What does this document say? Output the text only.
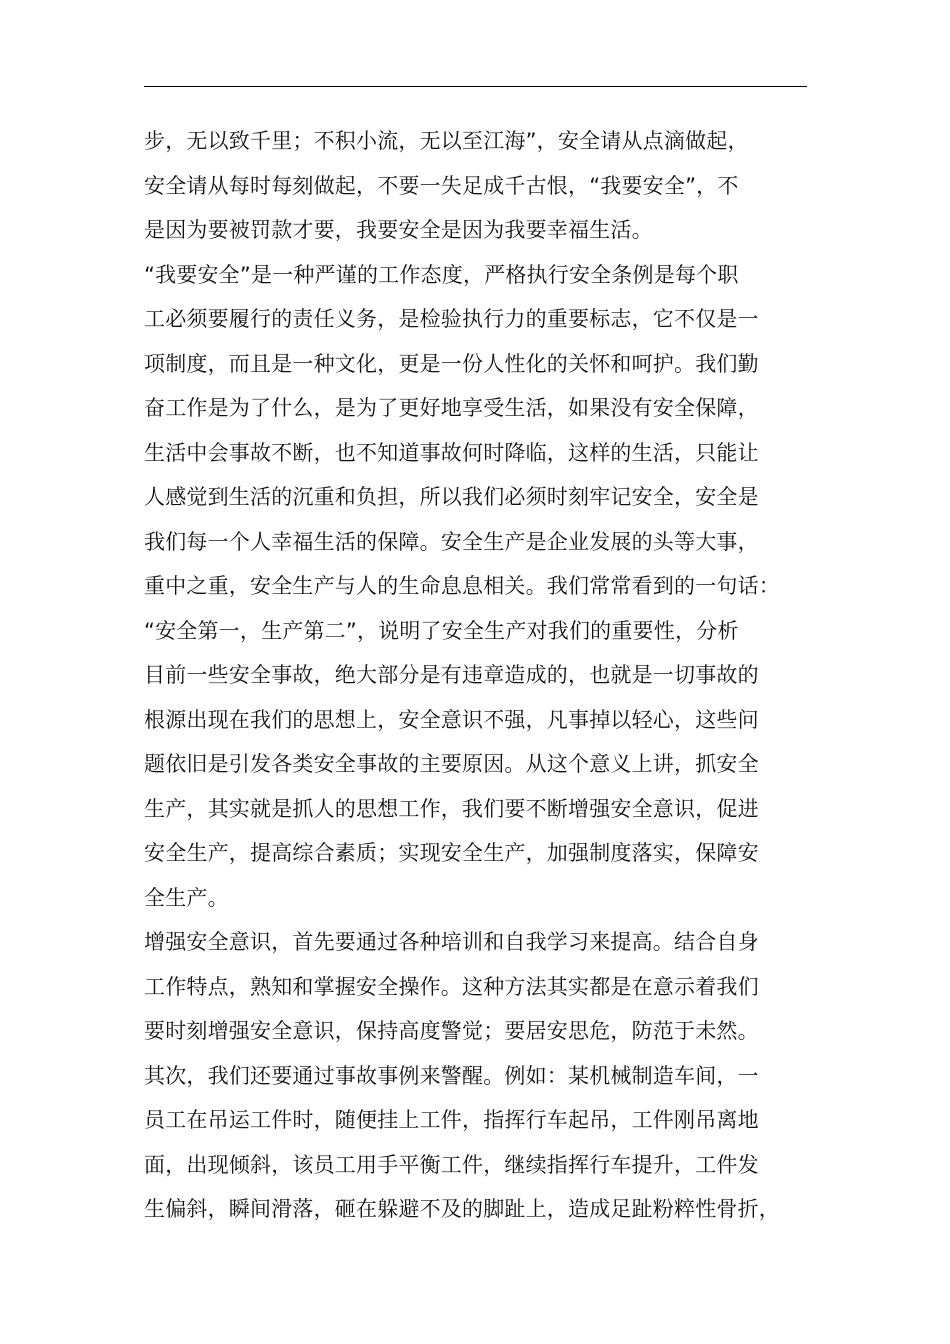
步，无以致千里；不积小流，无以至江海”，安全请从点滴做起，
安全请从每时每刻做起，不要一失足成千古恨，“我要安全”，不
是因为要被罚款才要，我要安全是因为我要幸福生活。
“我要安全”是一种严谨的工作态度，严格执行安全条例是每个职
工必须要履行的责任义务，是检验执行力的重要标志，它不仅是一
项制度，而且是一种文化，更是一份人性化的关怀和呵护。我们勤
奋工作是为了什么，是为了更好地享受生活，如果没有安全保障，
生活中会事故不断，也不知道事故何时降临，这样的生活，只能让
人感觉到生活的沉重和负担，所以我们必须时刻牢记安全，安全是
我们每一个人幸福生活的保障。安全生产是企业发展的头等大事，
重中之重，安全生产与人的生命息息相关。我们常常看到的一句话：
“安全第一，生产第二”，说明了安全生产对我们的重要性，分析
目前一些安全事故，绝大部分是有违章造成的，也就是一切事故的
根源出现在我们的思想上，安全意识不强，凡事掉以轻心，这些问
题依旧是引发各类安全事故的主要原因。从这个意义上讲，抓安全
生产，其实就是抓人的思想工作，我们要不断增强安全意识，促进
安全生产，提高综合素质；实现安全生产，加强制度落实，保障安
全生产。
增强安全意识，首先要通过各种培训和自我学习来提高。结合自身
工作特点，熟知和掌握安全操作。这种方法其实都是在意示着我们
要时刻增强安全意识，保持高度警觉；要居安思危，防范于未然。
其次，我们还要通过事故事例来警醒。例如：某机械制造车间，一
员工在吊运工件时，随便挂上工件，指挥行车起吊，工件刚吊离地
面，出现倾斜，该员工用手平衡工件，继续指挥行车提升，工件发
生偏斜，瞬间滑落，砸在躲避不及的脚趾上，造成足趾粉粹性骨折，
